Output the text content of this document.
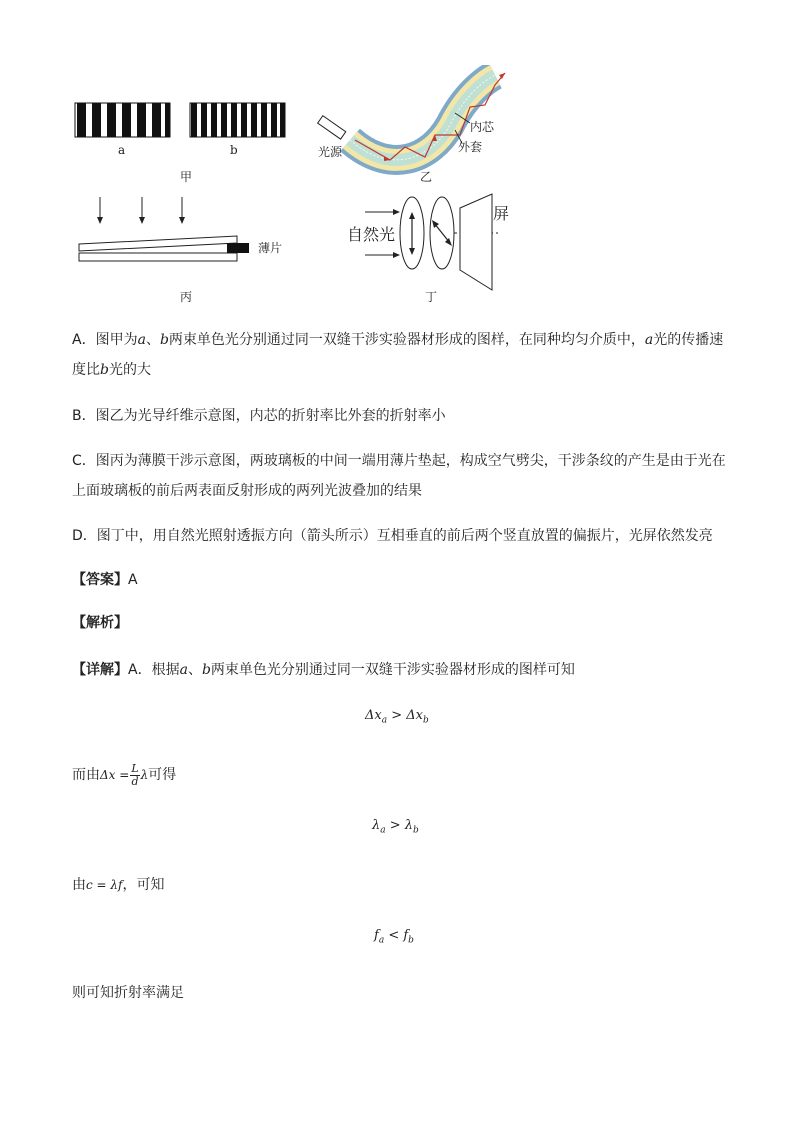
a	b
甲
光源
内芯
外套
乙
薄片
丙
自然光
屏
丁
A．图甲为a、b两束单色光分别通过同一双缝干涉实验器材形成的图样，在同种均匀介质中，a光的传播速
度比b光的大
B．图乙为光导纤维示意图，内芯的折射率比外套的折射率小
C．图丙为薄膜干涉示意图，两玻璃板的中间一端用薄片垫起，构成空气劈尖，干涉条纹的产生是由于光在
上面玻璃板的前后两表面反射形成的两列光波叠加的结果
D．图丁中，用自然光照射透振方向（箭头所示）互相垂直的前后两个竖直放置的偏振片，光屏依然发亮
【答案】A
【解析】
【详解】A．根据a、b两束单色光分别通过同一双缝干涉实验器材形成的图样可知
$\Delta x_a > \Delta x_b$
而由$\Delta x = \frac{L}{d}$ λ可得
$\lambda_a > \lambda_b$
由c = λf，可知
$f_a < f_b$
则可知折射率满足
